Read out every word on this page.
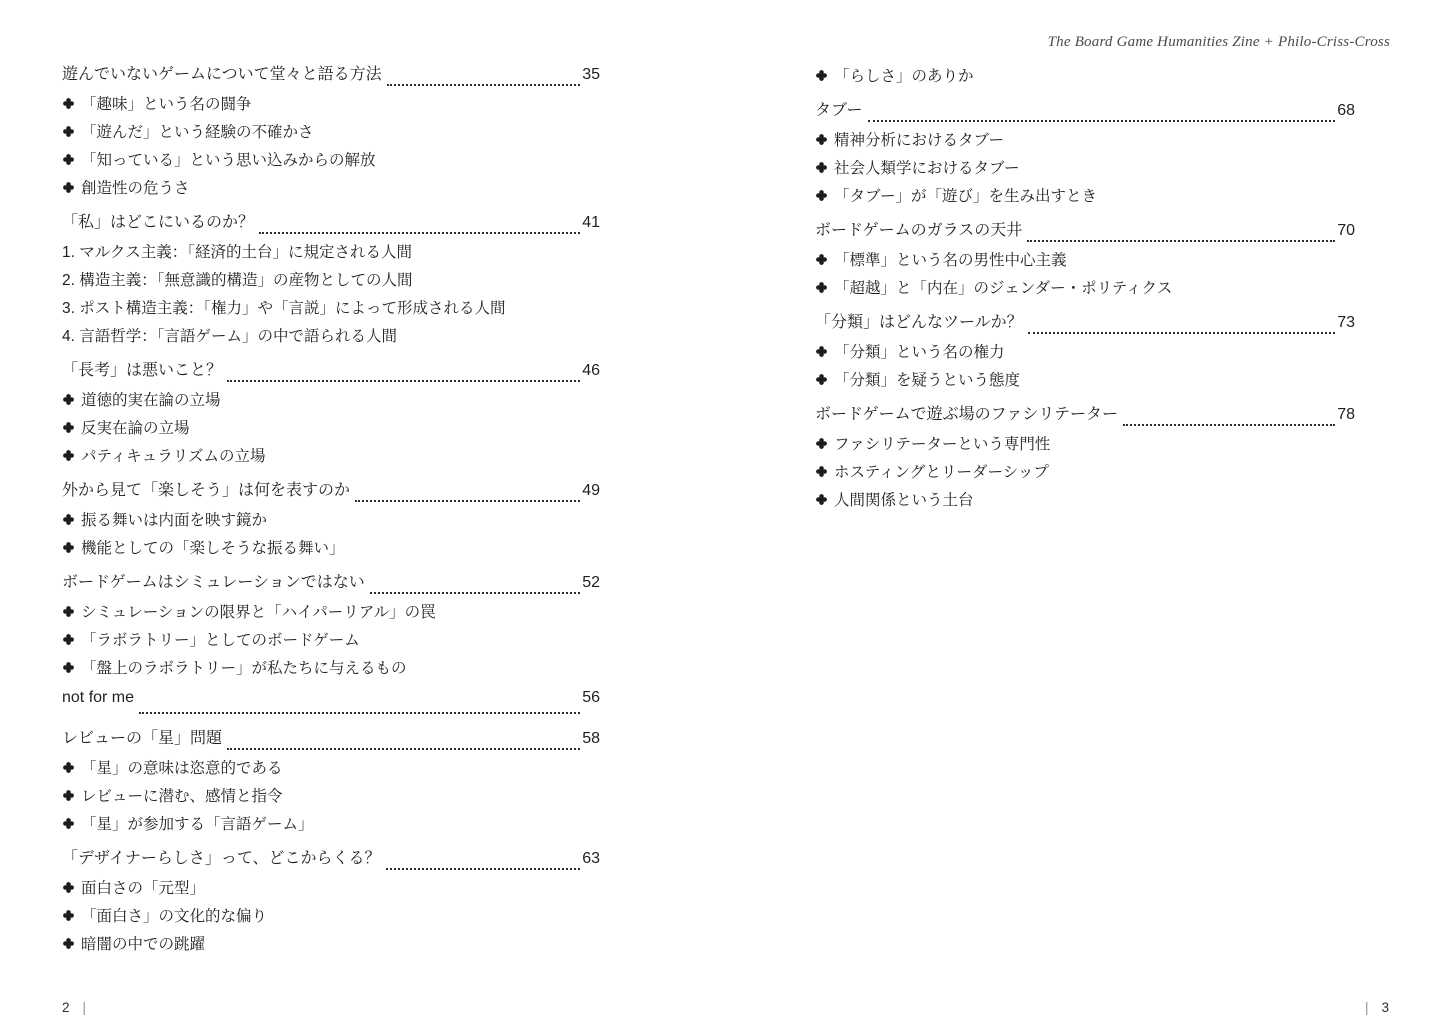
The Board Game Humanities Zine + Philo-Criss-Cross
遊んでいないゲームについて堂々と語る方法	35
「趣味」という名の闘争
「遊んだ」という経験の不確かさ
「知っている」という思い込みからの解放
創造性の危うさ
「私」はどこにいるのか？	41
1. マルクス主義：「経済的土台」に規定される人間
2. 構造主義：「無意識的構造」の産物としての人間
3. ポスト構造主義：「権力」や「言説」によって形成される人間
4. 言語哲学：「言語ゲーム」の中で語られる人間
「長考」は悪いこと？	46
道徳的実在論の立場
反実在論の立場
パティキュラリズムの立場
外から見て「楽しそう」は何を表すのか	49
振る舞いは内面を映す鏡か
機能としての「楽しそうな振る舞い」
ボードゲームはシミュレーションではない	52
シミュレーションの限界と「ハイパーリアル」の罠
「ラボラトリー」としてのボードゲーム
「盤上のラボラトリー」が私たちに与えるもの
not for me	56
レビューの「星」問題	58
「星」の意味は恣意的である
レビューに潜む、感情と指令
「星」が参加する「言語ゲーム」
「デザイナーらしさ」って、どこからくる？	63
面白さの「元型」
「面白さ」の文化的な偏り
暗闇の中での跳躍
「らしさ」のありか
タブー	68
精神分析におけるタブー
社会人類学におけるタブー
「タブー」が「遊び」を生み出すとき
ボードゲームのガラスの天井	70
「標準」という名の男性中心主義
「超越」と「内在」のジェンダー・ポリティクス
「分類」はどんなツールか？	73
「分類」という名の権力
「分類」を疑うという態度
ボードゲームで遊ぶ場のファシリテーター	78
ファシリテーターという専門性
ホスティングとリーダーシップ
人間関係という土台
2 |	| 3
